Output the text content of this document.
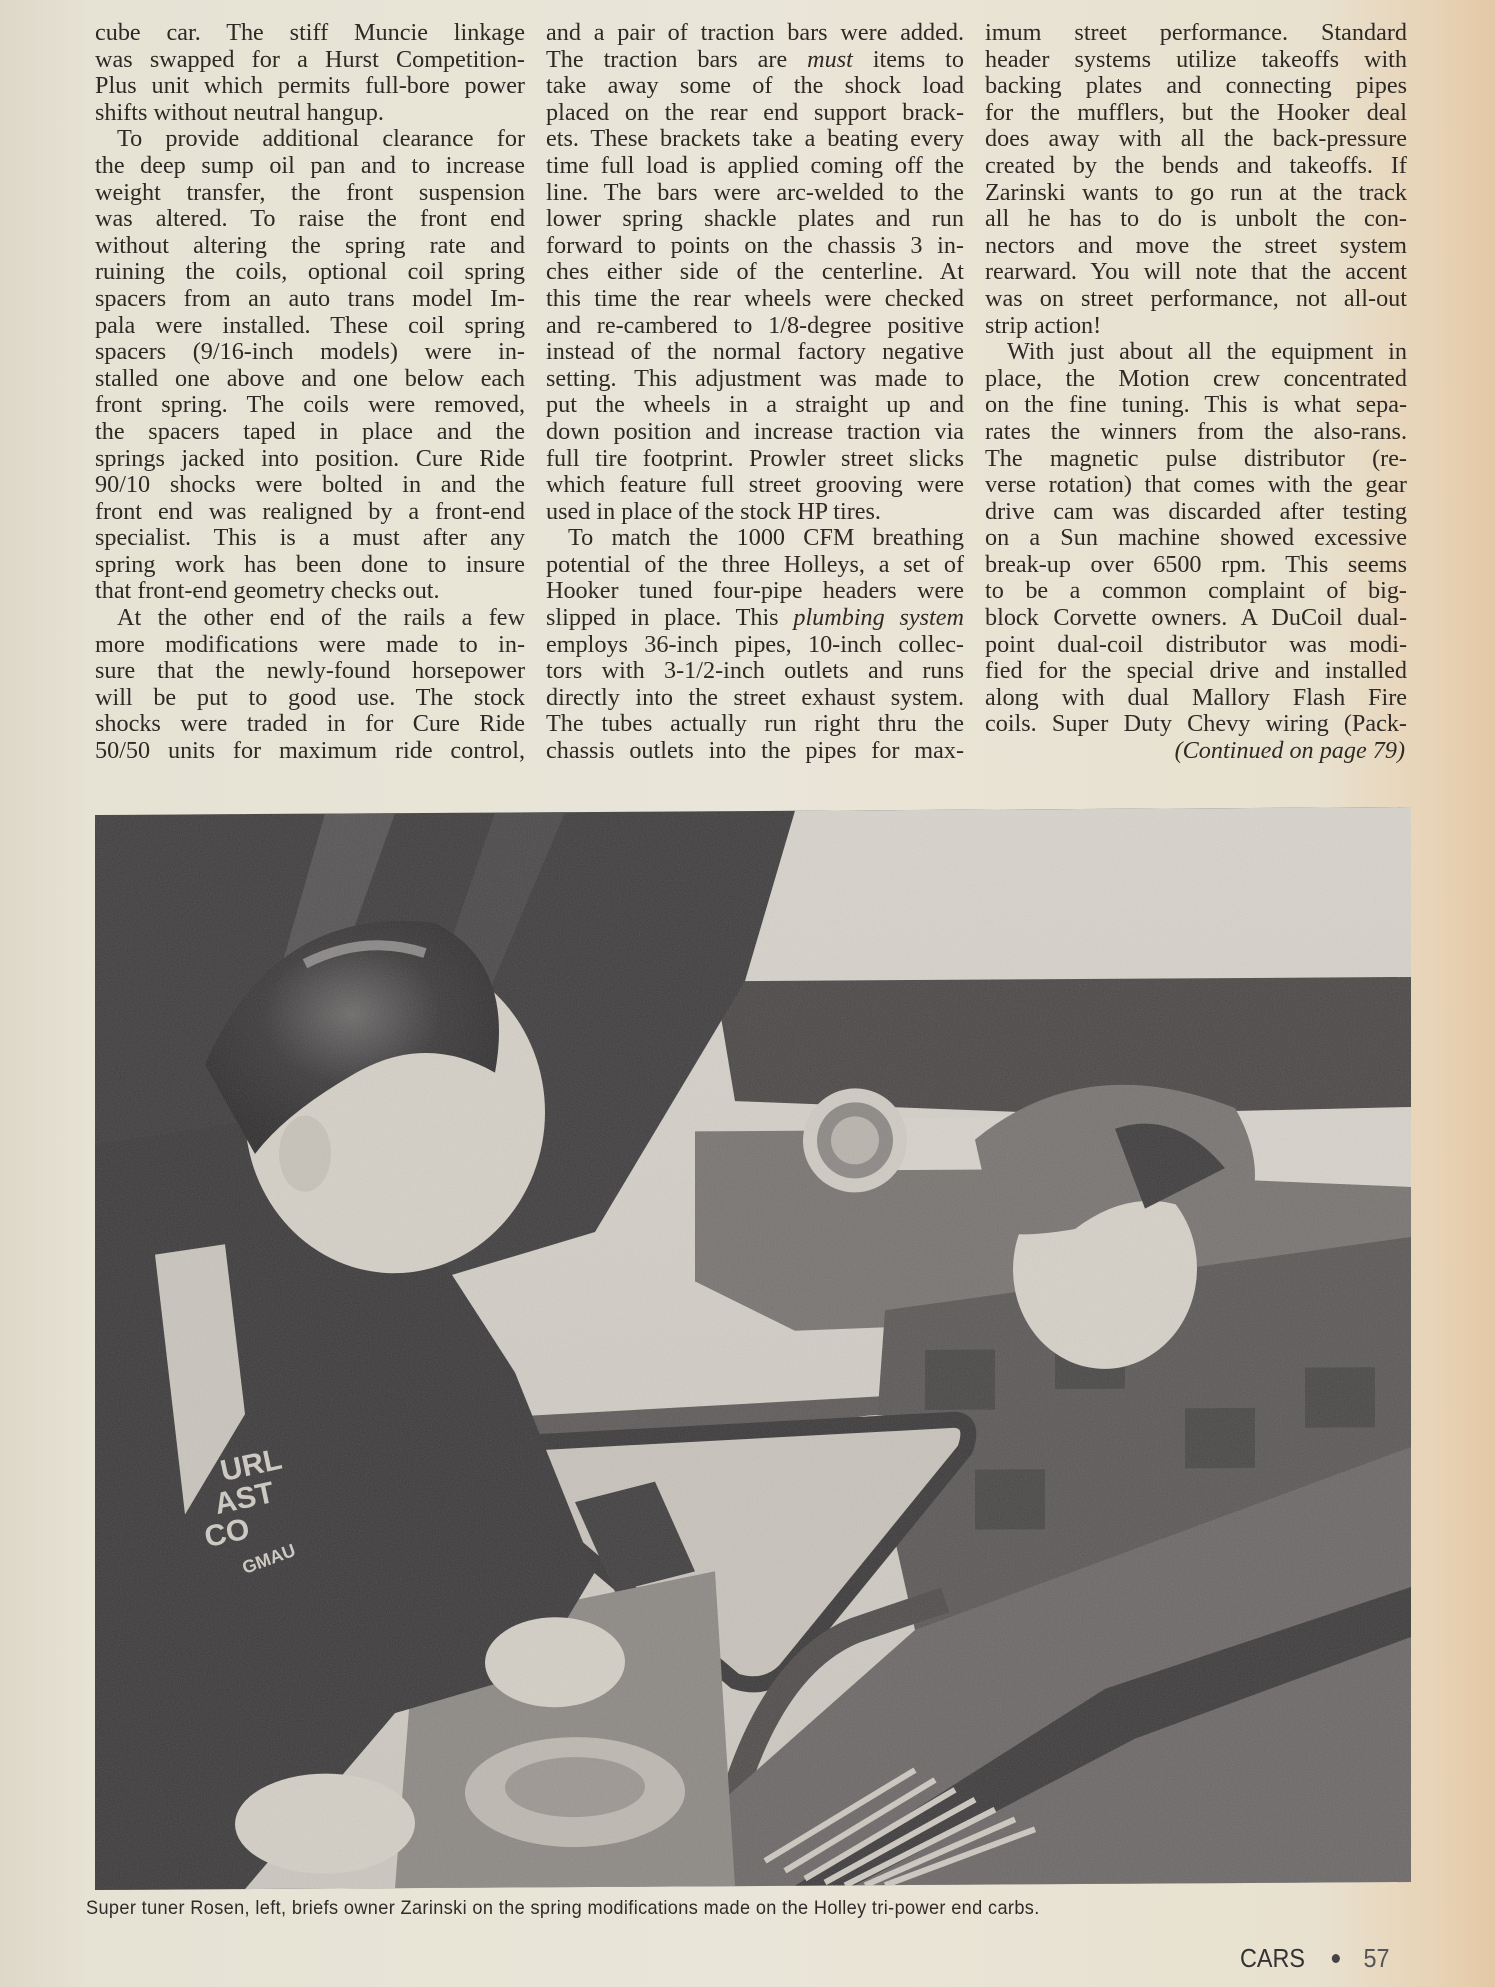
cube car. The stiff Muncie linkage
was swapped for a Hurst Competition-
Plus unit which permits full-bore power
shifts without neutral hangup.
To provide additional clearance for
the deep sump oil pan and to increase
weight transfer, the front suspension
was altered. To raise the front end
without altering the spring rate and
ruining the coils, optional coil spring
spacers from an auto trans model Im-
pala were installed. These coil spring
spacers (9/16-inch models) were in-
stalled one above and one below each
front spring. The coils were removed,
the spacers taped in place and the
springs jacked into position. Cure Ride
90/10 shocks were bolted in and the
front end was realigned by a front-end
specialist. This is a must after any
spring work has been done to insure
that front-end geometry checks out.
At the other end of the rails a few
more modifications were made to in-
sure that the newly-found horsepower
will be put to good use. The stock
shocks were traded in for Cure Ride
50/50 units for maximum ride control,
and a pair of traction bars were added.
The traction bars are must items to
take away some of the shock load
placed on the rear end support brack-
ets. These brackets take a beating every
time full load is applied coming off the
line. The bars were arc-welded to the
lower spring shackle plates and run
forward to points on the chassis 3 in-
ches either side of the centerline. At
this time the rear wheels were checked
and re-cambered to 1/8-degree positive
instead of the normal factory negative
setting. This adjustment was made to
put the wheels in a straight up and
down position and increase traction via
full tire footprint. Prowler street slicks
which feature full street grooving were
used in place of the stock HP tires.
To match the 1000 CFM breathing
potential of the three Holleys, a set of
Hooker tuned four-pipe headers were
slipped in place. This plumbing system
employs 36-inch pipes, 10-inch collec-
tors with 3-1/2-inch outlets and runs
directly into the street exhaust system.
The tubes actually run right thru the
chassis outlets into the pipes for max-
imum street performance. Standard
header systems utilize takeoffs with
backing plates and connecting pipes
for the mufflers, but the Hooker deal
does away with all the back-pressure
created by the bends and takeoffs. If
Zarinski wants to go run at the track
all he has to do is unbolt the con-
nectors and move the street system
rearward. You will note that the accent
was on street performance, not all-out
strip action!
With just about all the equipment in
place, the Motion crew concentrated
on the fine tuning. This is what sepa-
rates the winners from the also-rans.
The magnetic pulse distributor (re-
verse rotation) that comes with the gear
drive cam was discarded after testing
on a Sun machine showed excessive
break-up over 6500 rpm. This seems
to be a common complaint of big-
block Corvette owners. A DuCoil dual-
point dual-coil distributor was modi-
fied for the special drive and installed
along with dual Mallory Flash Fire
coils. Super Duty Chevy wiring (Pack-
(Continued on page 79)
Super tuner Rosen, left, briefs owner Zarinski on the spring modifications made on the Holley tri-power end carbs.
CARS 57
